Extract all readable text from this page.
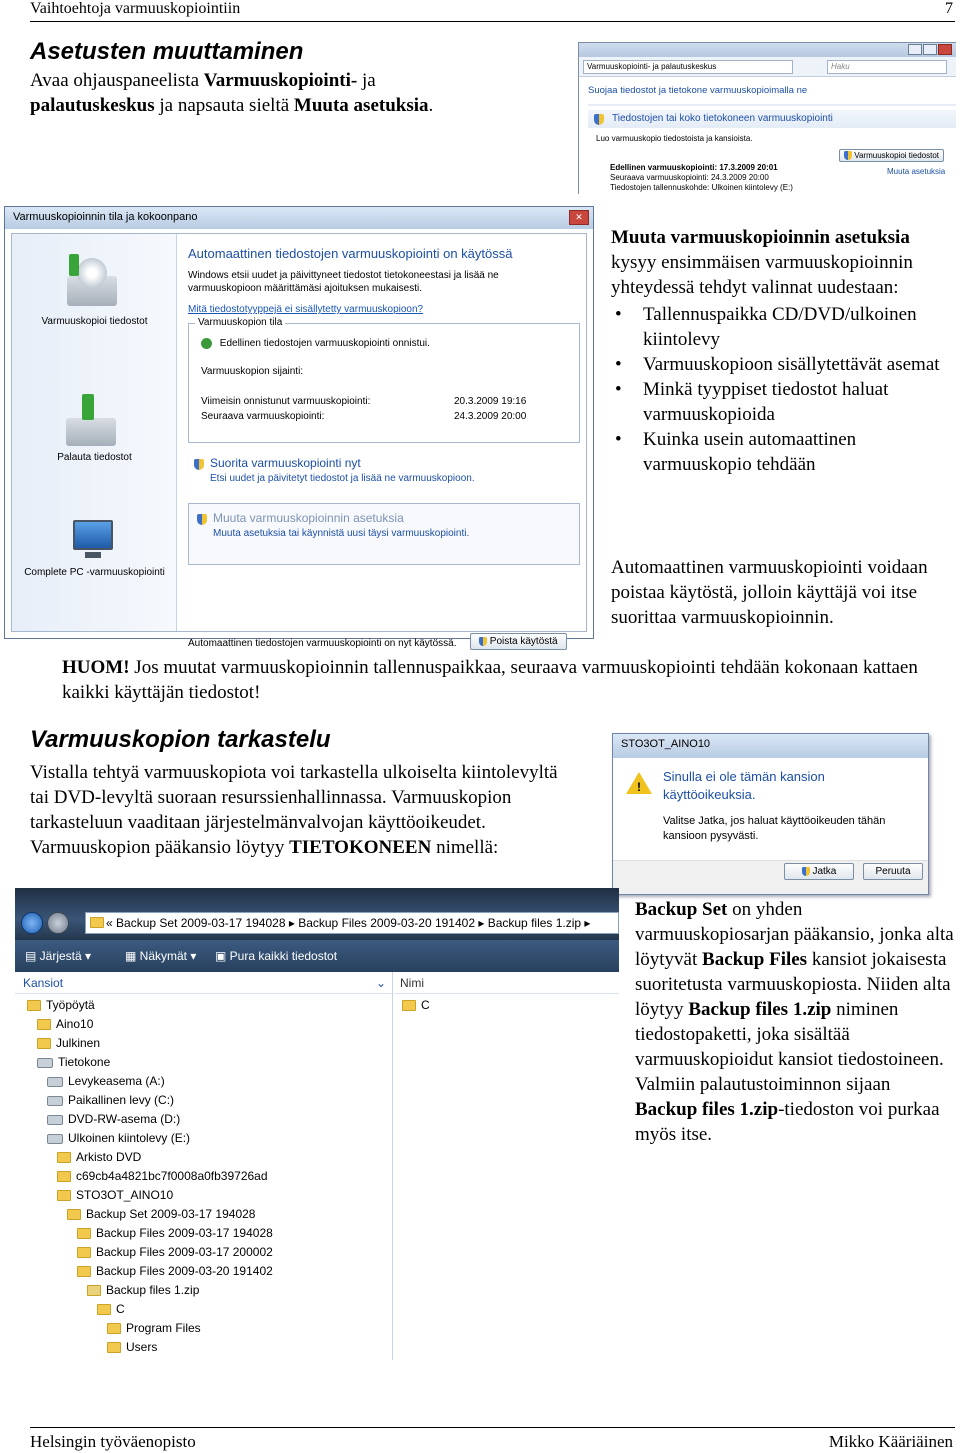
Vaihtoehtoja varmuuskopiointiin	7
Asetusten muuttaminen
Avaa ohjauspaneelista Varmuuskopiointi- ja
palautuskeskus ja napsauta sieltä Muuta asetuksia.
Varmuuskopiointi- ja palautuskeskus	Haku
Suojaa tiedostot ja tietokone varmuuskopioimalla ne
Tiedostojen tai koko tietokoneen varmuuskopiointi
Luo varmuuskopio tiedostoista ja kansioista.
Edellinen varmuuskopiointi: 17.3.2009 20:01
Seuraava varmuuskopiointi: 24.3.2009 20:00
Tiedostojen tallennuskohde: Ulkoinen kiintolevy (E:)
Varmuuskopioi tiedostot
Muuta asetuksia
Varmuuskopioinnin tila ja kokoonpano	✕
Varmuuskopioi tiedostot
Palauta tiedostot
Complete PC -varmuuskopiointi
Automaattinen tiedostojen varmuuskopiointi on käytössä
Windows etsii uudet ja päivittyneet tiedostot tietokoneestasi ja lisää ne varmuuskopioon määrittämäsi ajoituksen mukaisesti.
Mitä tiedostotyyppejä ei sisällytetty varmuuskopioon?
Varmuuskopion tila
Edellinen tiedostojen varmuuskopiointi onnistui.
Varmuuskopion sijainti:
Viimeisin onnistunut varmuuskopiointi:	20.3.2009 19:16
Seuraava varmuuskopiointi:	24.3.2009 20:00
Suorita varmuuskopiointi nyt
Etsi uudet ja päivitetyt tiedostot ja lisää ne varmuuskopioon.
Muuta varmuuskopioinnin asetuksia
Muuta asetuksia tai käynnistä uusi täysi varmuuskopiointi.
Automaattinen tiedostojen varmuuskopiointi on nyt käytössä.	Poista käytöstä
Muuta varmuuskopioinnin asetuksia
kysyy ensimmäisen varmuuskopioinnin yhteydessä tehdyt valinnat uudestaan:
• Tallennuspaikka CD/DVD/ulkoinen kiintolevy
• Varmuuskopioon sisällytettävät asemat
• Minkä tyyppiset tiedostot haluat varmuuskopioida
• Kuinka usein automaattinen varmuuskopio tehdään
Automaattinen varmuuskopiointi voidaan poistaa käytöstä, jolloin käyttäjä voi itse suorittaa varmuuskopioinnin.
HUOM! Jos muutat varmuuskopioinnin tallennuspaikkaa, seuraava varmuuskopiointi tehdään kokonaan kattaen kaikki käyttäjän tiedostot!
Varmuuskopion tarkastelu
Vistalla tehtyä varmuuskopiota voi tarkastella ulkoiselta kiintolevyltä tai DVD-levyltä suoraan resurssienhallinnassa. Varmuuskopion tarkasteluun vaaditaan järjestelmänvalvojan käyttöoikeudet. Varmuuskopion pääkansio löytyy TIETOKONEEN nimellä:
STO3OT_AINO10
!
Sinulla ei ole tämän kansion käyttöoikeuksia.
Valitse Jatka, jos haluat käyttöoikeuden tähän kansioon pysyvästi.
Jatka	Peruuta
« Backup Set 2009-03-17 194028 ▸ Backup Files 2009-03-20 191402 ▸ Backup files 1.zip ▸
▤ Järjestä ▾	▦ Näkymät ▾ ▣ Pura kaikki tiedostot
Kansiot	⌄
Työpöytä
Aino10
Julkinen
Tietokone
Levykeasema (A:)
Paikallinen levy (C:)
DVD-RW-asema (D:)
Ulkoinen kiintolevy (E:)
Arkisto DVD
c69cb4a4821bc7f0008a0fb39726ad
STO3OT_AINO10
Backup Set 2009-03-17 194028
Backup Files 2009-03-17 194028
Backup Files 2009-03-17 200002
Backup Files 2009-03-20 191402
Backup files 1.zip
C
Program Files
Users
Nimi
C
Backup Set on yhden varmuuskopiosarjan pääkansio, jonka alta löytyvät Backup Files kansiot jokaisesta suoritetusta varmuuskopiosta. Niiden alta löytyy Backup files 1.zip niminen tiedostopaketti, joka sisältää varmuuskopioidut kansiot tiedostoineen. Valmiin palautustoiminnon sijaan Backup files 1.zip-tiedoston voi purkaa myös itse.
Helsingin työväenopisto	Mikko Kääriäinen
